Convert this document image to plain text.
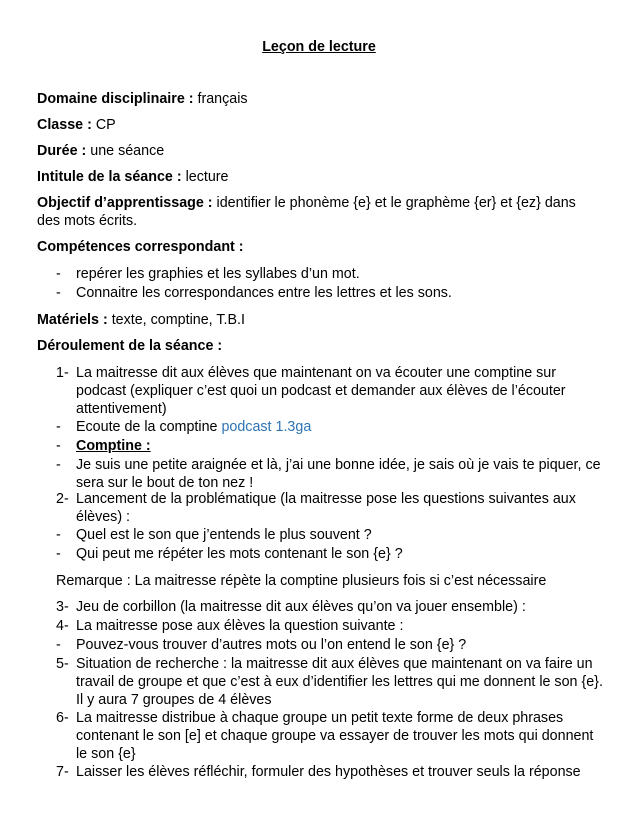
Leçon de lecture
Domaine disciplinaire : français
Classe : CP
Durée : une séance
Intitule de la séance : lecture
Objectif d’apprentissage : identifier le phonème {e} et le graphème {er} et {ez} dans des mots écrits.
Compétences correspondant :
- repérer les graphies et les syllabes d’un mot.
- Connaitre les correspondances entre les lettres et les sons.
Matériels : texte, comptine, T.B.I
Déroulement de la séance :
1- La maitresse dit aux élèves que maintenant on va écouter une comptine sur podcast (expliquer c’est quoi un podcast et demander aux élèves de l’écouter attentivement)
- Ecoute de la comptine podcast 1.3ga
- Comptine :
- Je suis une petite araignée et là, j’ai une bonne idée, je sais où je vais te piquer, ce sera sur le bout de ton nez !
2- Lancement de la problématique (la maitresse pose les questions suivantes aux élèves) :
- Quel est le son que j’entends le plus souvent ?
- Qui peut me répéter les mots contenant le son {e} ?
Remarque : La maitresse répète la comptine plusieurs fois si c’est nécessaire
3- Jeu de corbillon (la maitresse dit aux élèves qu’on va jouer ensemble) :
4- La maitresse pose aux élèves la question suivante :
- Pouvez-vous trouver d’autres mots ou l’on entend le son {e} ?
5- Situation de recherche : la maitresse dit aux élèves que maintenant on va faire un travail de groupe et que c’est à eux d’identifier les lettres qui me donnent le son {e}. Il y aura 7 groupes de 4 élèves
6- La maitresse distribue à chaque groupe un petit texte forme de deux phrases contenant le son [e] et chaque groupe va essayer de trouver les mots qui donnent le son {e}
7- Laisser les élèves réfléchir, formuler des hypothèses et trouver seuls la réponse
